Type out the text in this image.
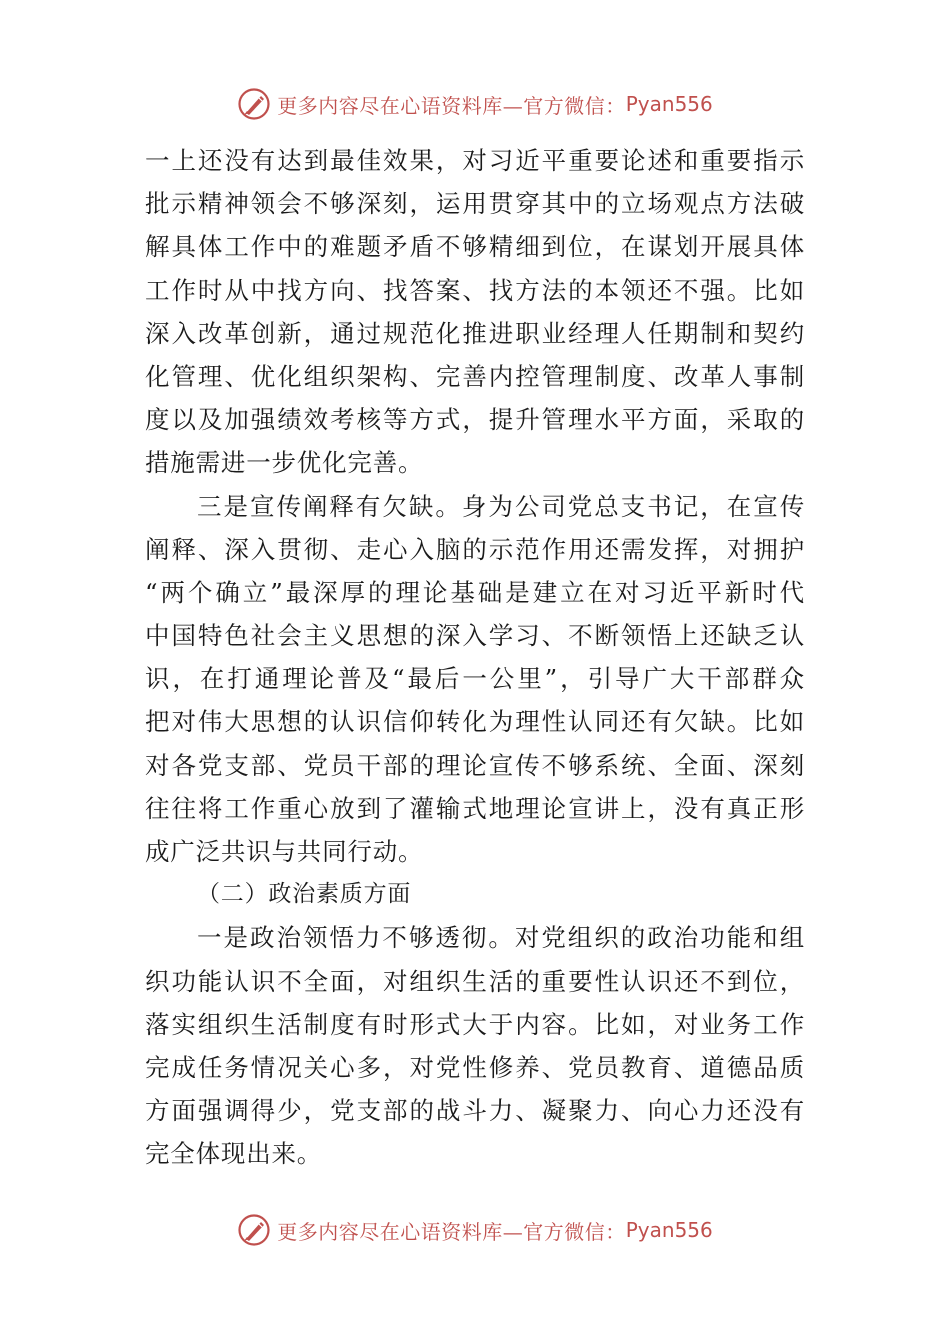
更多内容尽在心语资料库—官方微信： Pyan556
一上还没有达到最佳效果，对习近平重要论述和重要指示
批示精神领会不够深刻，运用贯穿其中的立场观点方法破
解具体工作中的难题矛盾不够精细到位，在谋划开展具体
工作时从中找方向、找答案、找方法的本领还不强。比如
深入改革创新，通过规范化推进职业经理人任期制和契约
化管理、优化组织架构、完善内控管理制度、改革人事制
度以及加强绩效考核等方式，提升管理水平方面，采取的
措施需进一步优化完善。
三是宣传阐释有欠缺。身为公司党总支书记，在宣传
阐释、深入贯彻、走心入脑的示范作用还需发挥，对拥护
“两个确立”最深厚的理论基础是建立在对习近平新时代
中国特色社会主义思想的深入学习、不断领悟上还缺乏认
识，在打通理论普及“最后一公里”，引导广大干部群众
把对伟大思想的认识信仰转化为理性认同还有欠缺。比如
对各党支部、党员干部的理论宣传不够系统、全面、深刻
往往将工作重心放到了灌输式地理论宣讲上，没有真正形
成广泛共识与共同行动。
（二）政治素质方面
一是政治领悟力不够透彻。对党组织的政治功能和组
织功能认识不全面，对组织生活的重要性认识还不到位，
落实组织生活制度有时形式大于内容。比如，对业务工作
完成任务情况关心多，对党性修养、党员教育、道德品质
方面强调得少，党支部的战斗力、凝聚力、向心力还没有
完全体现出来。
更多内容尽在心语资料库—官方微信： Pyan556
